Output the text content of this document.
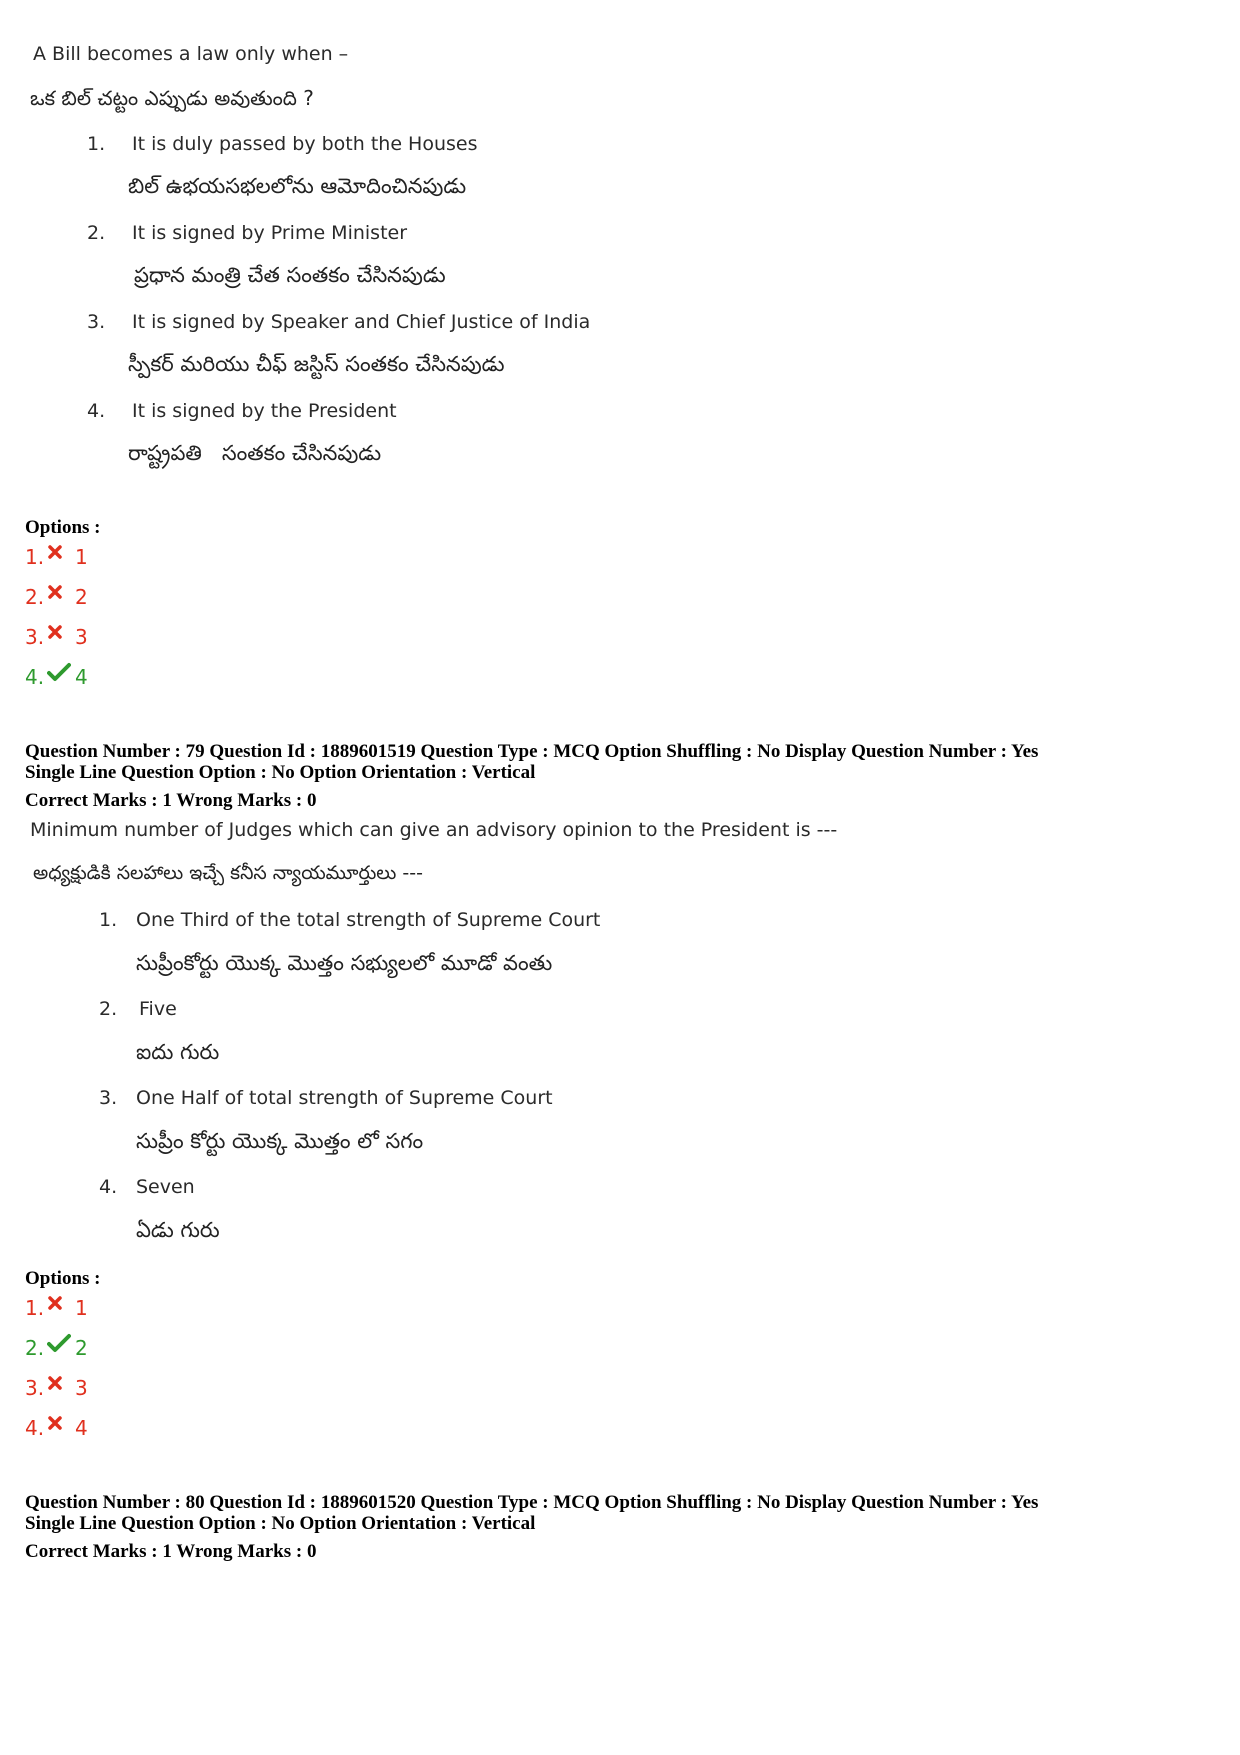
A Bill becomes a law only when –
ఒక బిల్ చట్టం ఎప్పుడు అవుతుంది ?
1. It is duly passed by both the Houses
బిల్ ఉభయసభలలోను ఆమోదించినపుడు
2. It is signed by Prime Minister
ప్రధాన మంత్రి చేత సంతకం చేసినపుడు
3. It is signed by Speaker and Chief Justice of India
స్పీకర్ మరియు చీఫ్ జస్టిస్ సంతకం చేసినపుడు
4. It is signed by the President
రాష్ట్రపతి   సంతకం చేసినపుడు
Options :
1. 1
2. 2
3. 3
4. 4
Question Number : 79 Question Id : 1889601519 Question Type : MCQ Option Shuffling : No Display Question Number : Yes
Single Line Question Option : No Option Orientation : Vertical
Correct Marks : 1 Wrong Marks : 0
Minimum number of Judges which can give an advisory opinion to the President is ---
అధ్యక్షుడికి సలహాలు ఇచ్చే కనీస న్యాయమూర్తులు ---
1. One Third of the total strength of Supreme Court
సుప్రీంకోర్టు యొక్క మొత్తం సభ్యులలో మూడో వంతు
2. Five
ఐదు గురు
3. One Half of total strength of Supreme Court
సుప్రీం కోర్టు యొక్క మొత్తం లో సగం
4. Seven
ఏడు గురు
Options :
1. 1
2. 2
3. 3
4. 4
Question Number : 80 Question Id : 1889601520 Question Type : MCQ Option Shuffling : No Display Question Number : Yes
Single Line Question Option : No Option Orientation : Vertical
Correct Marks : 1 Wrong Marks : 0
